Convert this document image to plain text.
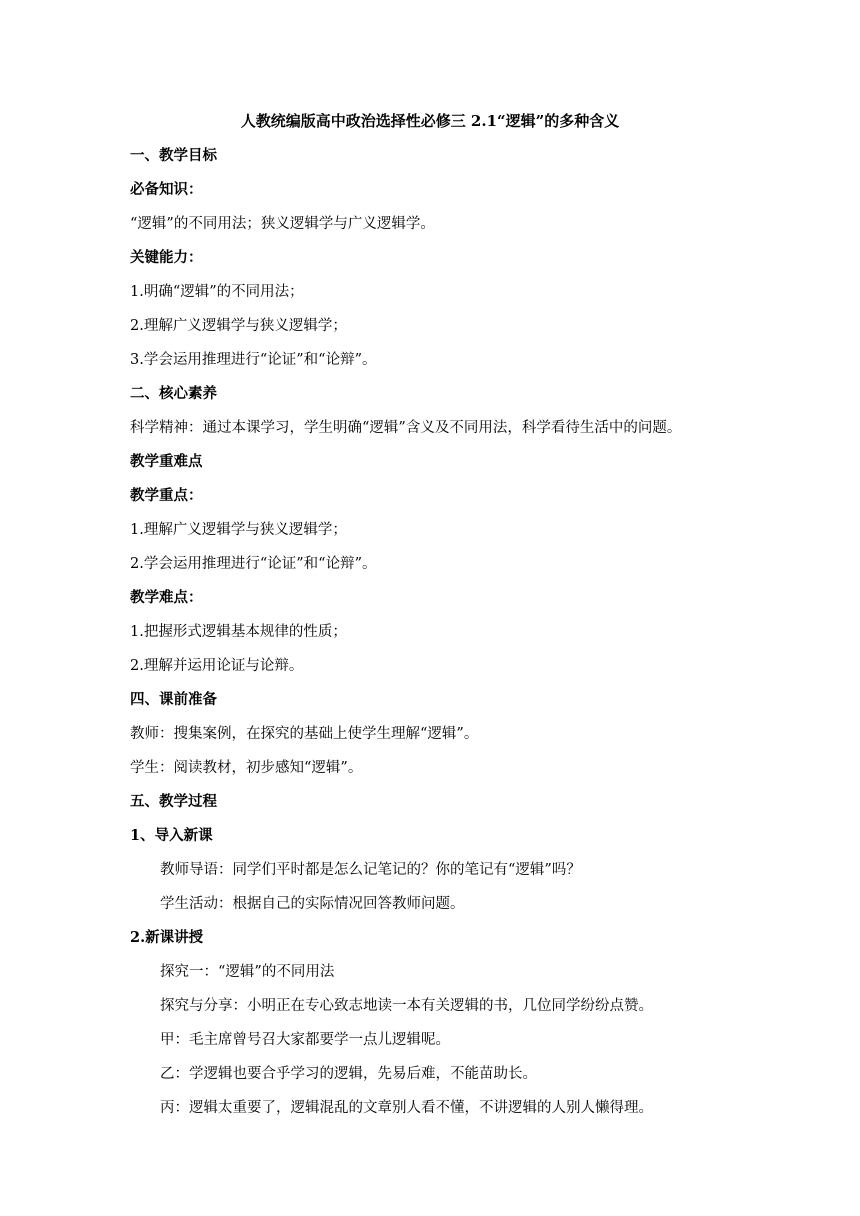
人教统编版高中政治选择性必修三 2.1“逻辑”的多种含义
一、教学目标
必备知识：
“逻辑”的不同用法；狭义逻辑学与广义逻辑学。
关键能力：
1.明确“逻辑”的不同用法；
2.理解广义逻辑学与狭义逻辑学；
3.学会运用推理进行“论证”和“论辩”。
二、核心素养
科学精神：通过本课学习，学生明确“逻辑”含义及不同用法，科学看待生活中的问题。
教学重难点
教学重点：
1.理解广义逻辑学与狭义逻辑学；
2.学会运用推理进行“论证”和“论辩”。
教学难点：
1.把握形式逻辑基本规律的性质；
2.理解并运用论证与论辩。
四、课前准备
教师：搜集案例，在探究的基础上使学生理解“逻辑”。
学生：阅读教材，初步感知“逻辑”。
五、教学过程
1、导入新课
教师导语：同学们平时都是怎么记笔记的？你的笔记有“逻辑”吗？
学生活动：根据自己的实际情况回答教师问题。
2.新课讲授
探究一：“逻辑”的不同用法
探究与分享：小明正在专心致志地读一本有关逻辑的书，几位同学纷纷点赞。
甲：毛主席曾号召大家都要学一点儿逻辑呢。
乙：学逻辑也要合乎学习的逻辑，先易后难，不能苗助长。
丙：逻辑太重要了，逻辑混乱的文章别人看不懂，不讲逻辑的人别人懒得理。
